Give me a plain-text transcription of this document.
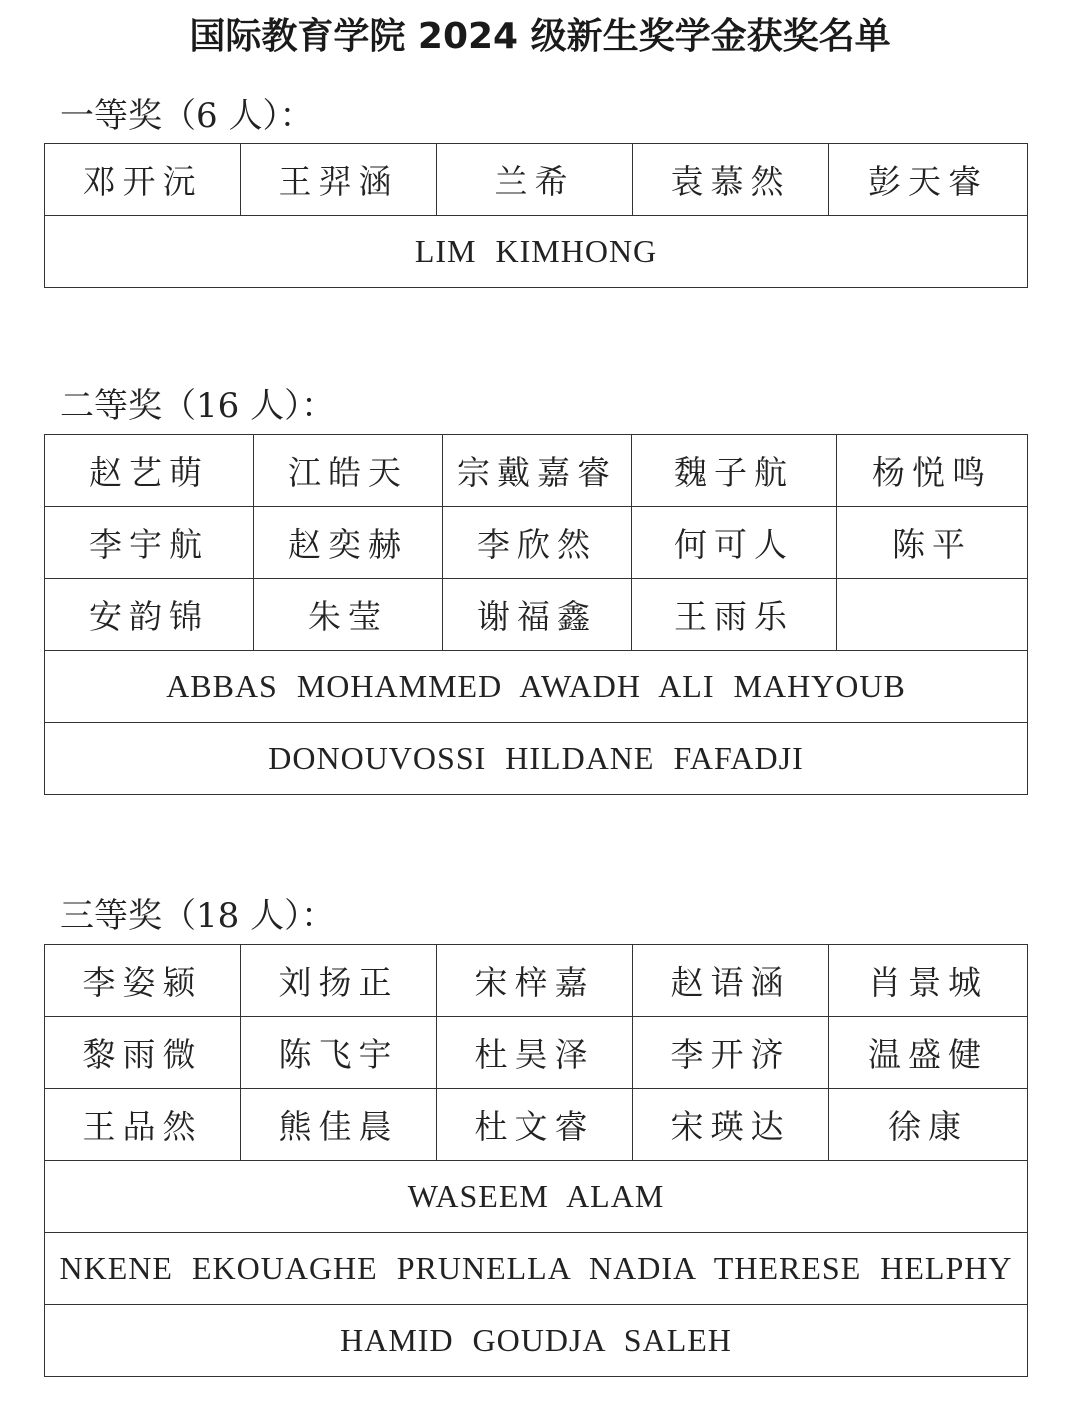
国际教育学院 2024 级新生奖学金获奖名单
一等奖（6 人）：
邓开沅	王羿涵	兰希	袁慕然	彭天睿
LIM KIMHONG
二等奖（16 人）：
赵艺萌	江皓天	宗戴嘉睿	魏子航	杨悦鸣
李宇航	赵奕赫	李欣然	何可人	陈平
安韵锦	朱莹	谢福鑫	王雨乐	
ABBAS MOHAMMED AWADH ALI MAHYOUB				
DONOUVOSSI HILDANE FAFADJI				
三等奖（18 人）：
李姿颍	刘扬正	宋梓嘉	赵语涵	肖景城
黎雨微	陈飞宇	杜昊泽	李开济	温盛健
王品然	熊佳晨	杜文睿	宋瑛达	徐康
WASEEM ALAM				
NKENE EKOUAGHE PRUNELLA NADIA THERESE HELPHY				
HAMID GOUDJA SALEH				
